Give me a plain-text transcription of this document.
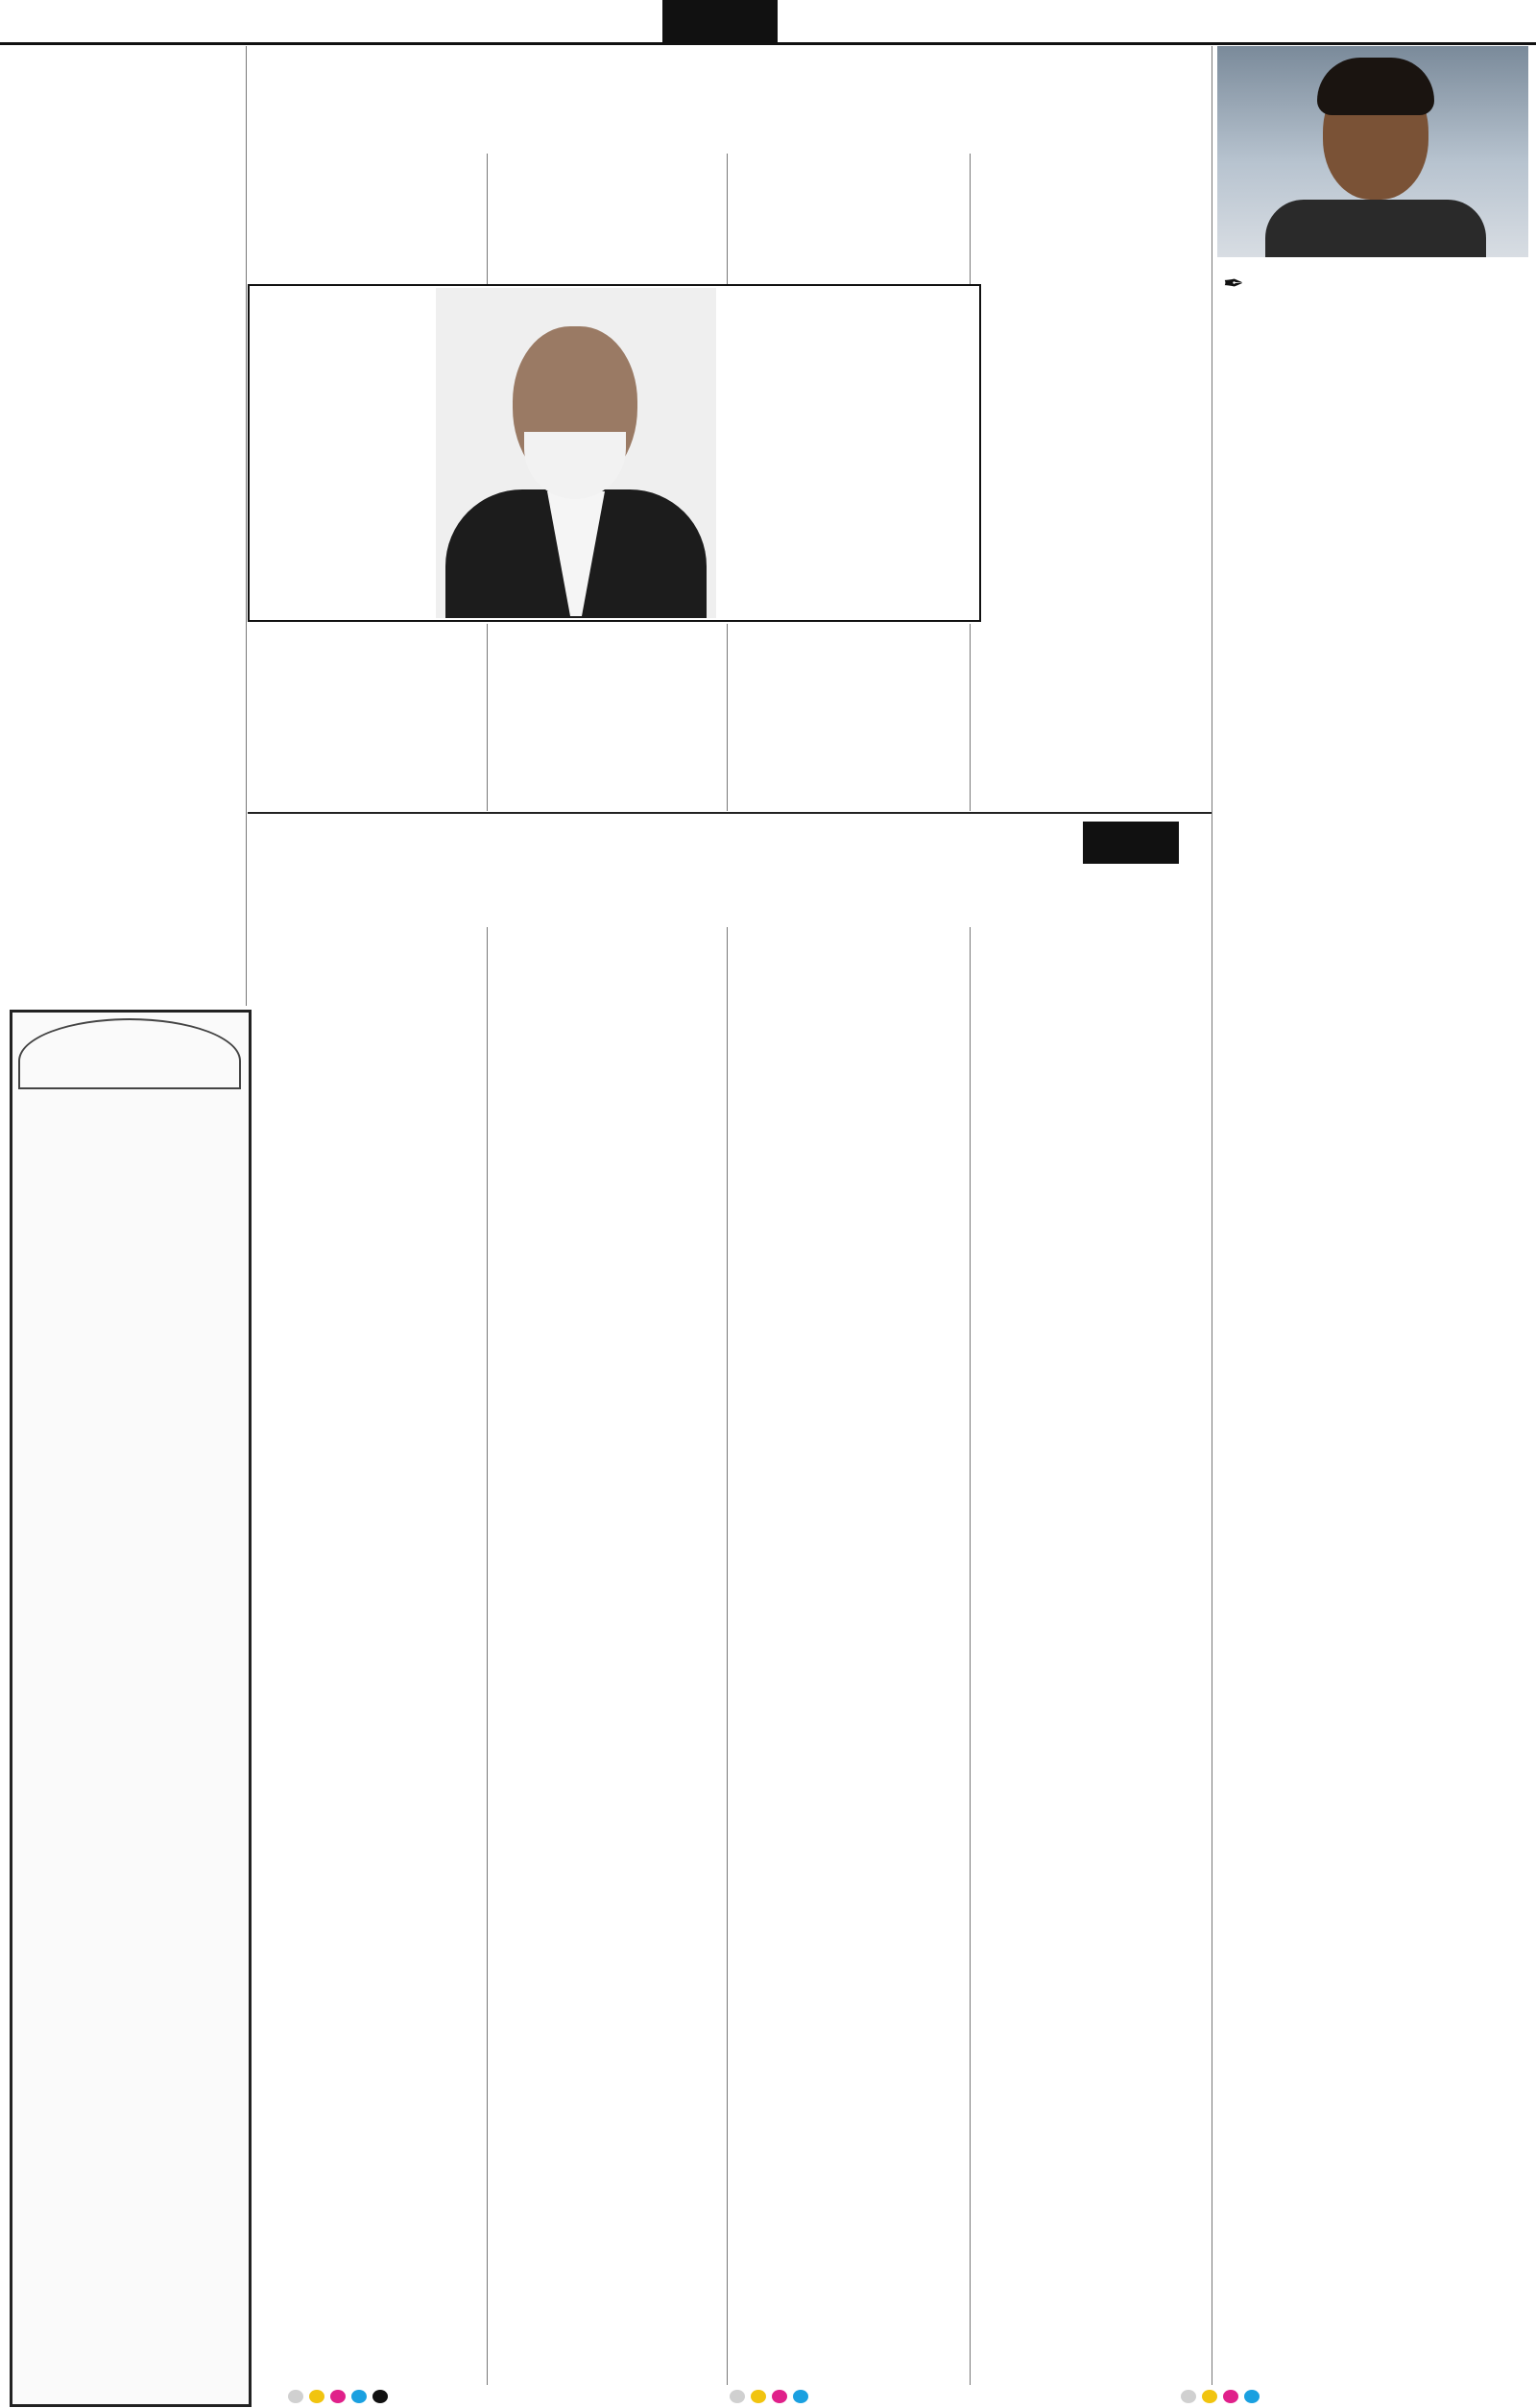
✒
